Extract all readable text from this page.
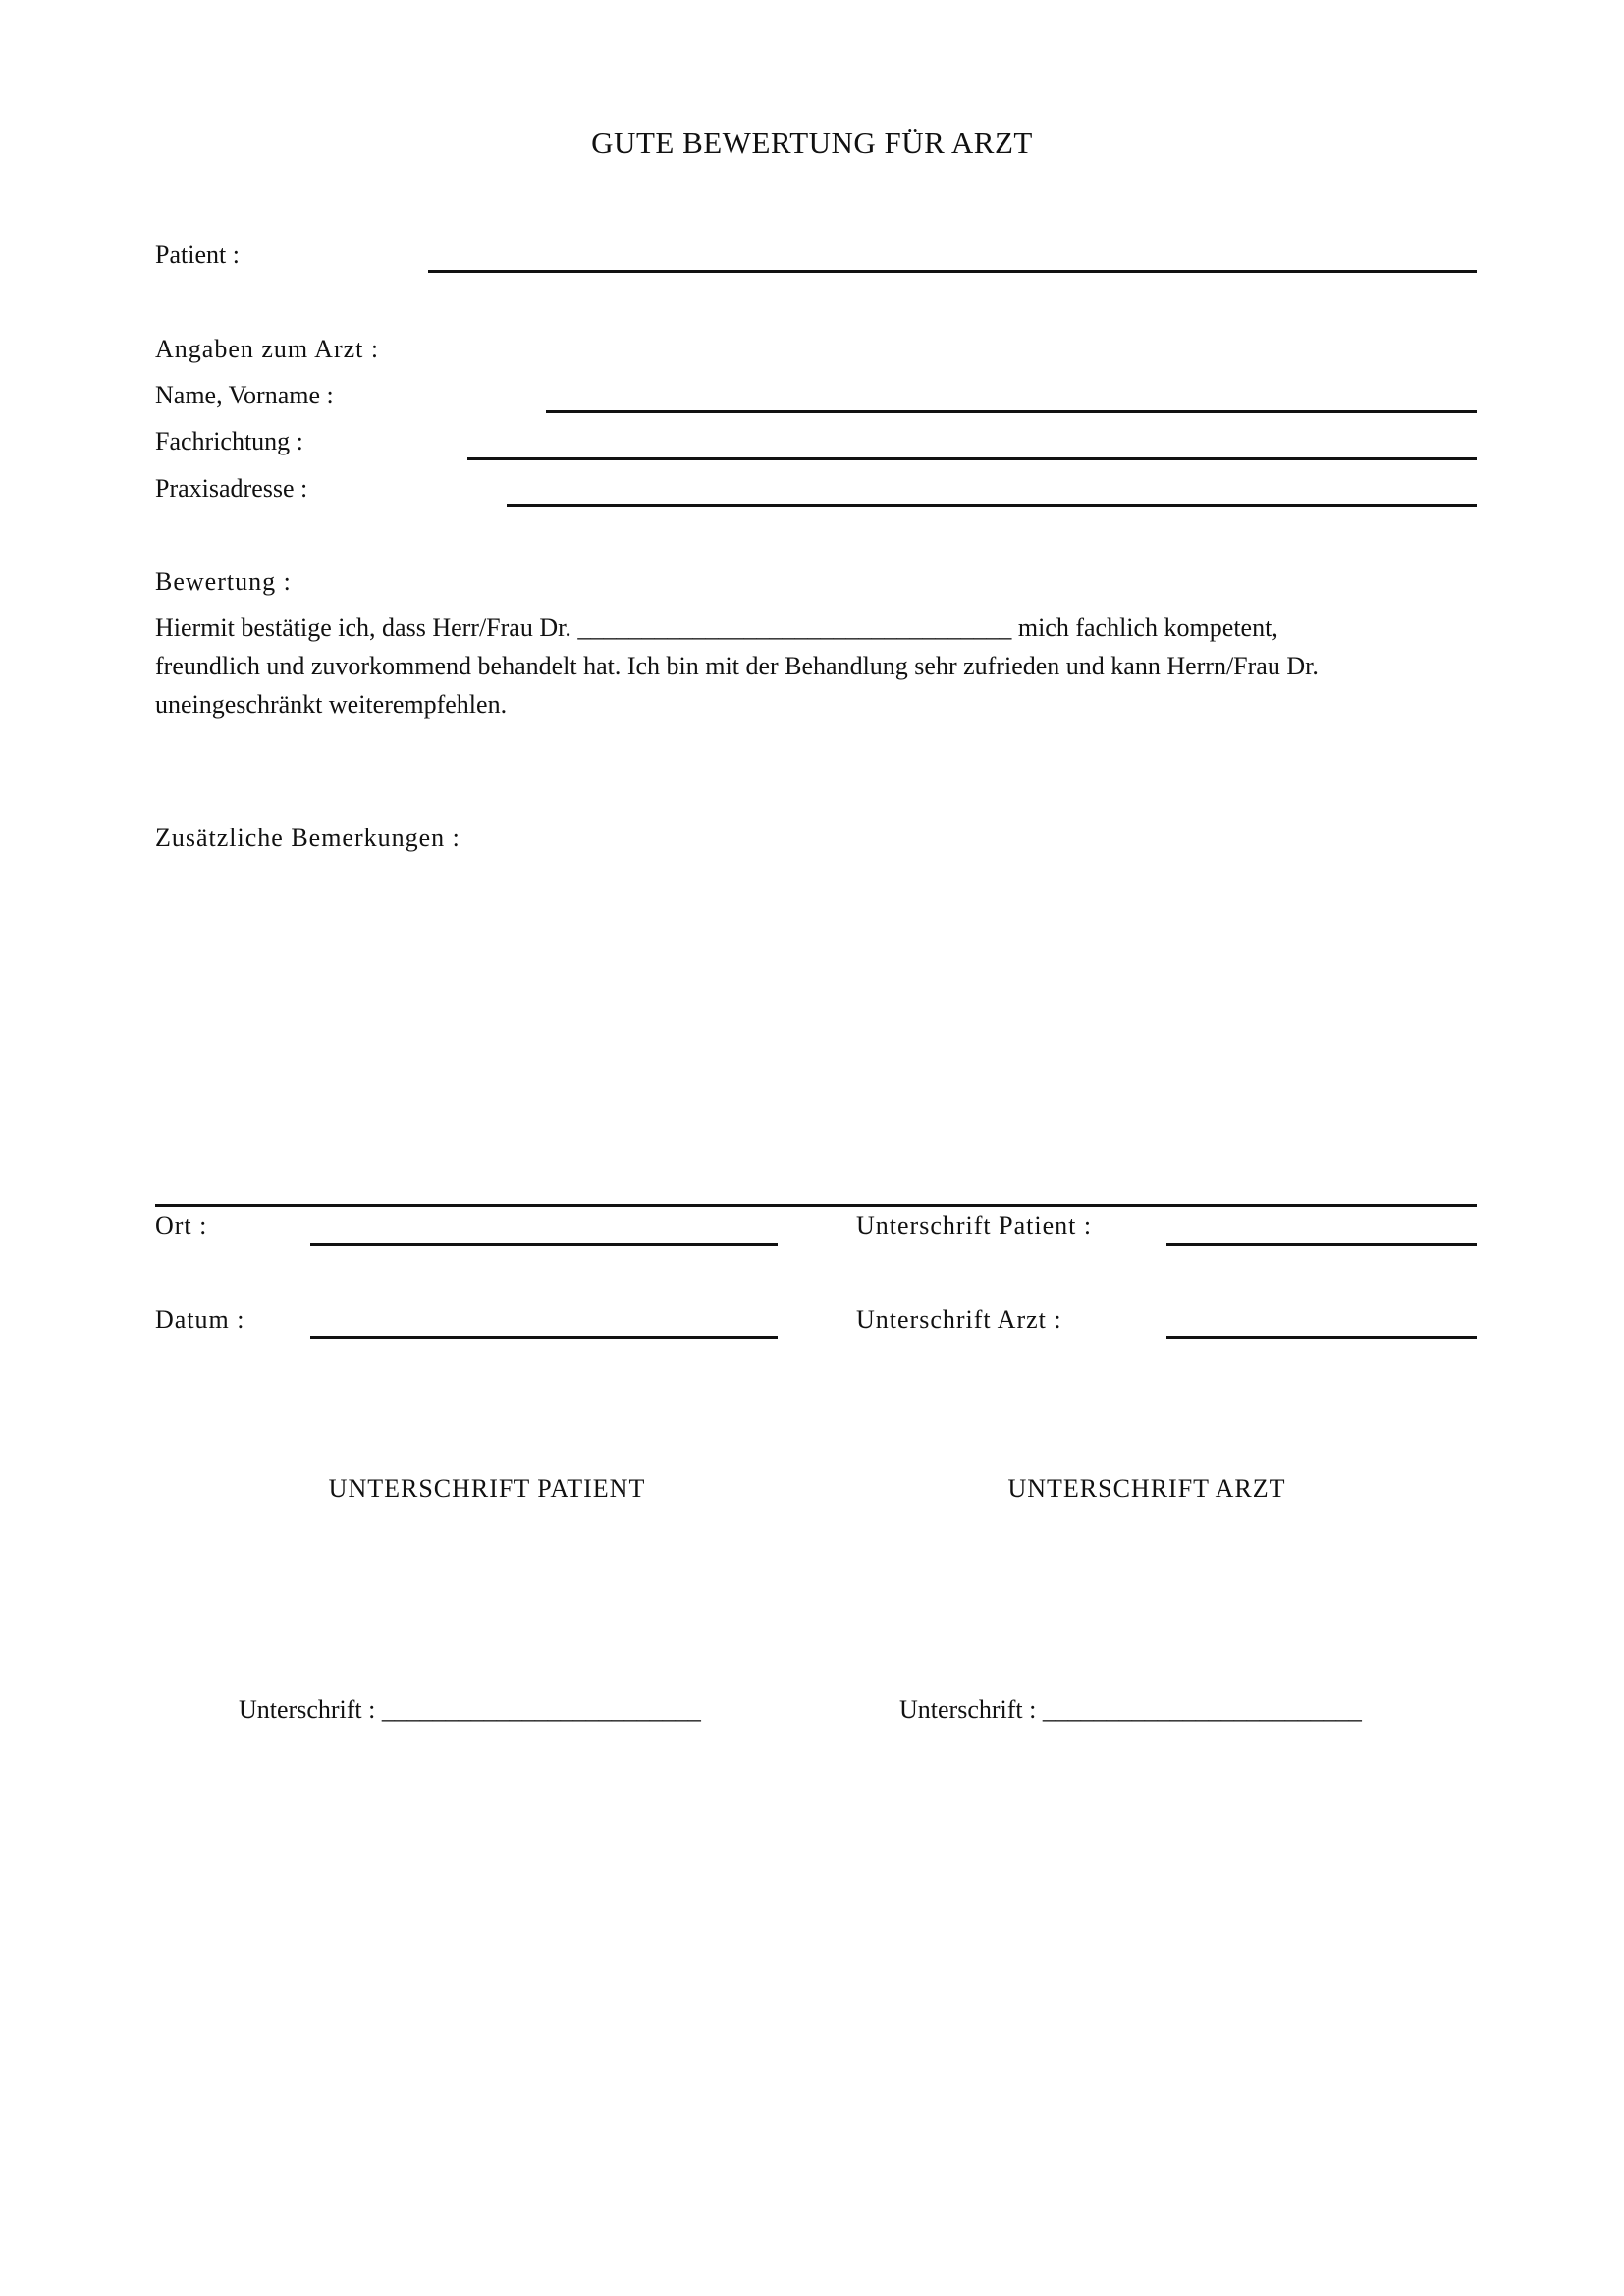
GUTE BEWERTUNG FÜR ARZT
Patient :
Angaben zum Arzt :
Name, Vorname :
Fachrichtung :
Praxisadresse :
Bewertung :
Hiermit bestätige ich, dass Herr/Frau Dr. __________________________________ mich fachlich kompetent,
freundlich und zuvorkommend behandelt hat. Ich bin mit der Behandlung sehr zufrieden und kann Herrn/Frau Dr.
uneingeschränkt weiterempfehlen.
Zusätzliche Bemerkungen :
Ort :	Unterschrift Patient :
Datum :	Unterschrift Arzt :
UNTERSCHRIFT PATIENT	UNTERSCHRIFT ARZT
Unterschrift : _________________________	Unterschrift : _________________________
